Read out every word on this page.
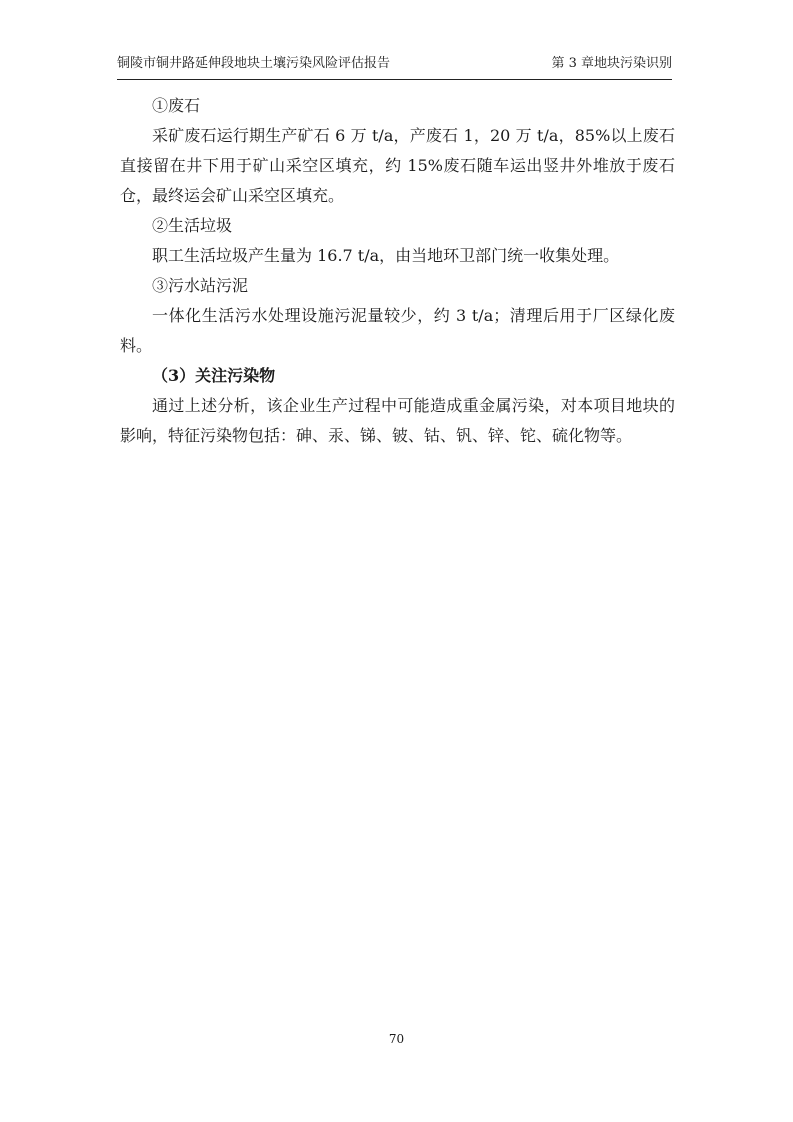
铜陵市铜井路延伸段地块土壤污染风险评估报告	第 3 章地块污染识别

①废石

采矿废石运行期生产矿石 6 万 t/a，产废石 1，20 万 t/a，85%以上废石直接留在井下用于矿山采空区填充，约 15%废石随车运出竖井外堆放于废石仓，最终运会矿山采空区填充。

②生活垃圾

职工生活垃圾产生量为 16.7 t/a，由当地环卫部门统一收集处理。

③污水站污泥

一体化生活污水处理设施污泥量较少，约 3 t/a；清理后用于厂区绿化废料。

（3）关注污染物

通过上述分析，该企业生产过程中可能造成重金属污染，对本项目地块的影响，特征污染物包括：砷、汞、锑、铍、钴、钒、锌、铊、硫化物等。

70
